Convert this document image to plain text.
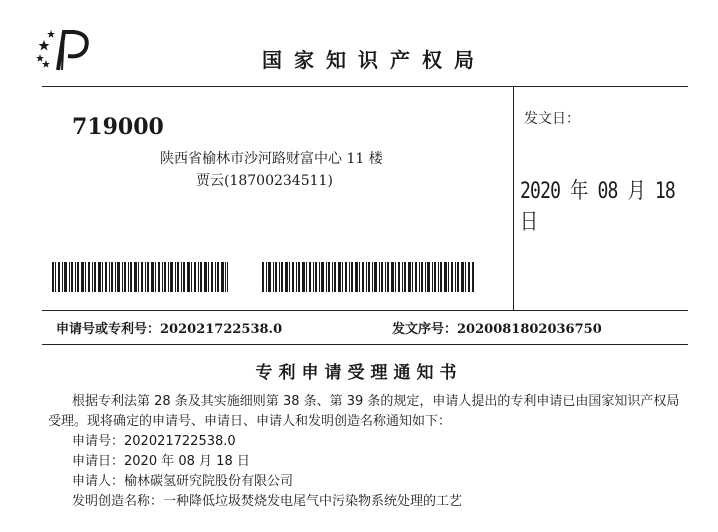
国家知识产权局
719000
陕西省榆林市沙河路财富中心 11 楼
贾云(18700234511)
发文日：
2020 年 08 月 18 日
申请号或专利号：202021722538.0	发文序号：2020081802036750
专利申请受理通知书
根据专利法第 28 条及其实施细则第 38 条、第 39 条的规定，申请人提出的专利申请已由国家知识产权局
受理。现将确定的申请号、申请日、申请人和发明创造名称通知如下：
申请号：202021722538.0
申请日：2020 年 08 月 18 日
申请人：榆林碳氢研究院股份有限公司
发明创造名称：一种降低垃圾焚烧发电尾气中污染物系统处理的工艺
